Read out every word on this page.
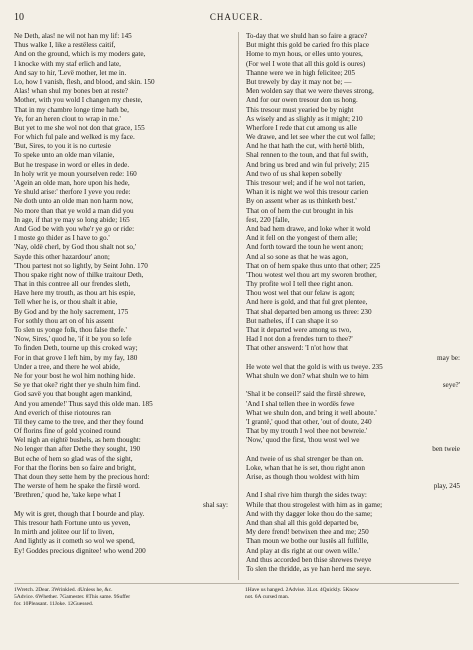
10	CHAUCER.
Ne Deth, alas! ne wil not han my lif: 145
Thus walke I, like a restëless caitif,
And on the ground, which is my moders gate,
I knocke with my staf erlich and late,
And say to hir, 'Levë mother, let me in.
Lo, how I vanish, flesh, and blood, and skin. 150
Alas! whan shul my bones ben at reste?
Mother, with you wold I changen my cheste,
That in my chambre longe time hath be,
Ye, for an heren clout to wrap in me.'
But yet to me she wol not don that grace, 155
For which ful pale and welked is my face.
'But, Sires, to you it is no curtesie
To speke unto an olde man vilanie,
But he trespase in word or elles in dede.
In holy writ ye moun yourselven rede: 160
'Agein an olde man, hore upon his hede,
Ye shuld arise:' therfore I yeve you rede:
Ne doth unto an olde man non harm now,
No more than that ye wold a man did you
In age, if that ye may so long abide; 165
And God be with you whe'r ye go or ride:
I moste go thider as I have to go.'
'Nay, oldë cherl, by God thou shalt not so,'
Sayde this other hazardour' anon;
'Thou partest not so lightly, by Seint John. 170
Thou spake right now of thilke traitour Deth,
That in this contree all our frendes sleth,
Have here my trouth, as thou art his espie,
Tell wher he is, or thou shalt it abie,
By God and by the holy sacrement, 175
For sothly thou art on of his assent
To slen us yonge folk, thou false thefe.'
'Now, Sires,' quod he, 'if it be you so lefe
To finden Deth, tourne up this croked way;
For in that grove I left him, by my fay, 180
Under a tree, and there he wol abide,
Ne for your bost he wol him nothing hide.
Se ye that oke? right ther ye shuln him find.
God savë you that bought agen mankind,
And you amende!' Thus sayd this olde man. 185
And everich of thise riotoures ran
Til they came to the tree, and ther they found
Of florins fine of gold ycoined round
Wel nigh an eightë bushels, as hem thought:
No lenger than after Dethe they sought, 190
But eche of hem so glad was of the sight,
For that the florins ben so faire and bright,
That doun they sette hem by the precious hord:
The werste of hem he spake the firstë word.
'Brethren,' quod he, 'take kepe what I
shal say:
My wit is gret, though that I bourde and play.
This tresour hath Fortune unto us yeven,
In mirth and jolitee our lif to liven,
And lightly as it cometh so wol we spend,
Ey! Goddes precious dignitee! who wend 200
To-day that we shuld han so faire a grace?
But might this gold be caried fro this place
Home to myn hous, or elles unto youres,
(For wel I wote that all this gold is oures)
Thanne were we in high felicitee; 205
But trewely by day it may not be; —
Men wolden say that we were theves strong,
And for our owen tresour don us hong.
This tresour must yearied be by night
As wisely and as slighly as it might; 210
Wherfore I rede that cut among us alle
We drawe, and let see wher the cut wol falle;
And he that hath the cut, with hertë blith,
Shal rennen to the toun, and that ful swith,
And bring us bred and win ful prively; 215
And two of us shal kepen sobelly
This tresour wel; and if he wol not tarien,
Whan it is night we wol this tresour carien
By on assent wher as us thinketh best.'
That on of hem the cut brought in his
fest, 220 [falle,
And bad hem drawe, and loke wher it wold
And it fell on the yongest of them alle;
And forth toward the toun he went anon;
And al so sone as that he was agon,
That on of hem spake thus unto that other; 225
'Thou wotest wel thou art my sworen brother,
Thy profite wol I tell thee right anon.
Thou wost wel that our felaw is agon;
And here is gold, and that ful gret plentee,
That shal departed ben among us three: 230
But natheles, if I can shape it so
That it departed were among us two,
Had I not don a frendes turn to thee?'
That other answerd: 'I n'ot how that
may be:
He wote wel that the gold is with us tweye. 235
What shuln we don? what shuln we to him
seye?'
'Shal it be conseil?' said the firstë shrewe,
'And I shal tellen thee in wordës fewe
What we shuln don, and bring it well aboute.'
'I grantë,' quod that other, 'out of doute, 240
That by my trouth I wol thee not bewreie.'
'Now,' quod the first, 'thou wost wel we
ben tweie
And tweie of us shal strenger be than on.
Loke, whan that he is set, thou right anon
Arise, as though thou woldest with him
play, 245
And I shal rive him thurgh the sides tway:
While that thou strogelest with him as in game;
And with thy dagger loke thou do the same;
And than shal all this gold departed be,
My dere frend! betwixen thee and me; 250
Than moun we bothe our lustës all fulfille,
And play at dis right at our owen wille.'
And thus accorded ben thise shrewes tweye
To slen the thridde, as ye han herd me seye.
1Wretch. 2Dear. 3Wrinkled. 4Unless he, &c.
5Advice. 6Whether. 7Gamester. 8This same. 9Suffer
for. 10Pleasant. 11Joke. 12Guessed.
1Have us hanged. 2Advise. 3Lot. 4Quickly. 5Know
not. 6A cursed man.
